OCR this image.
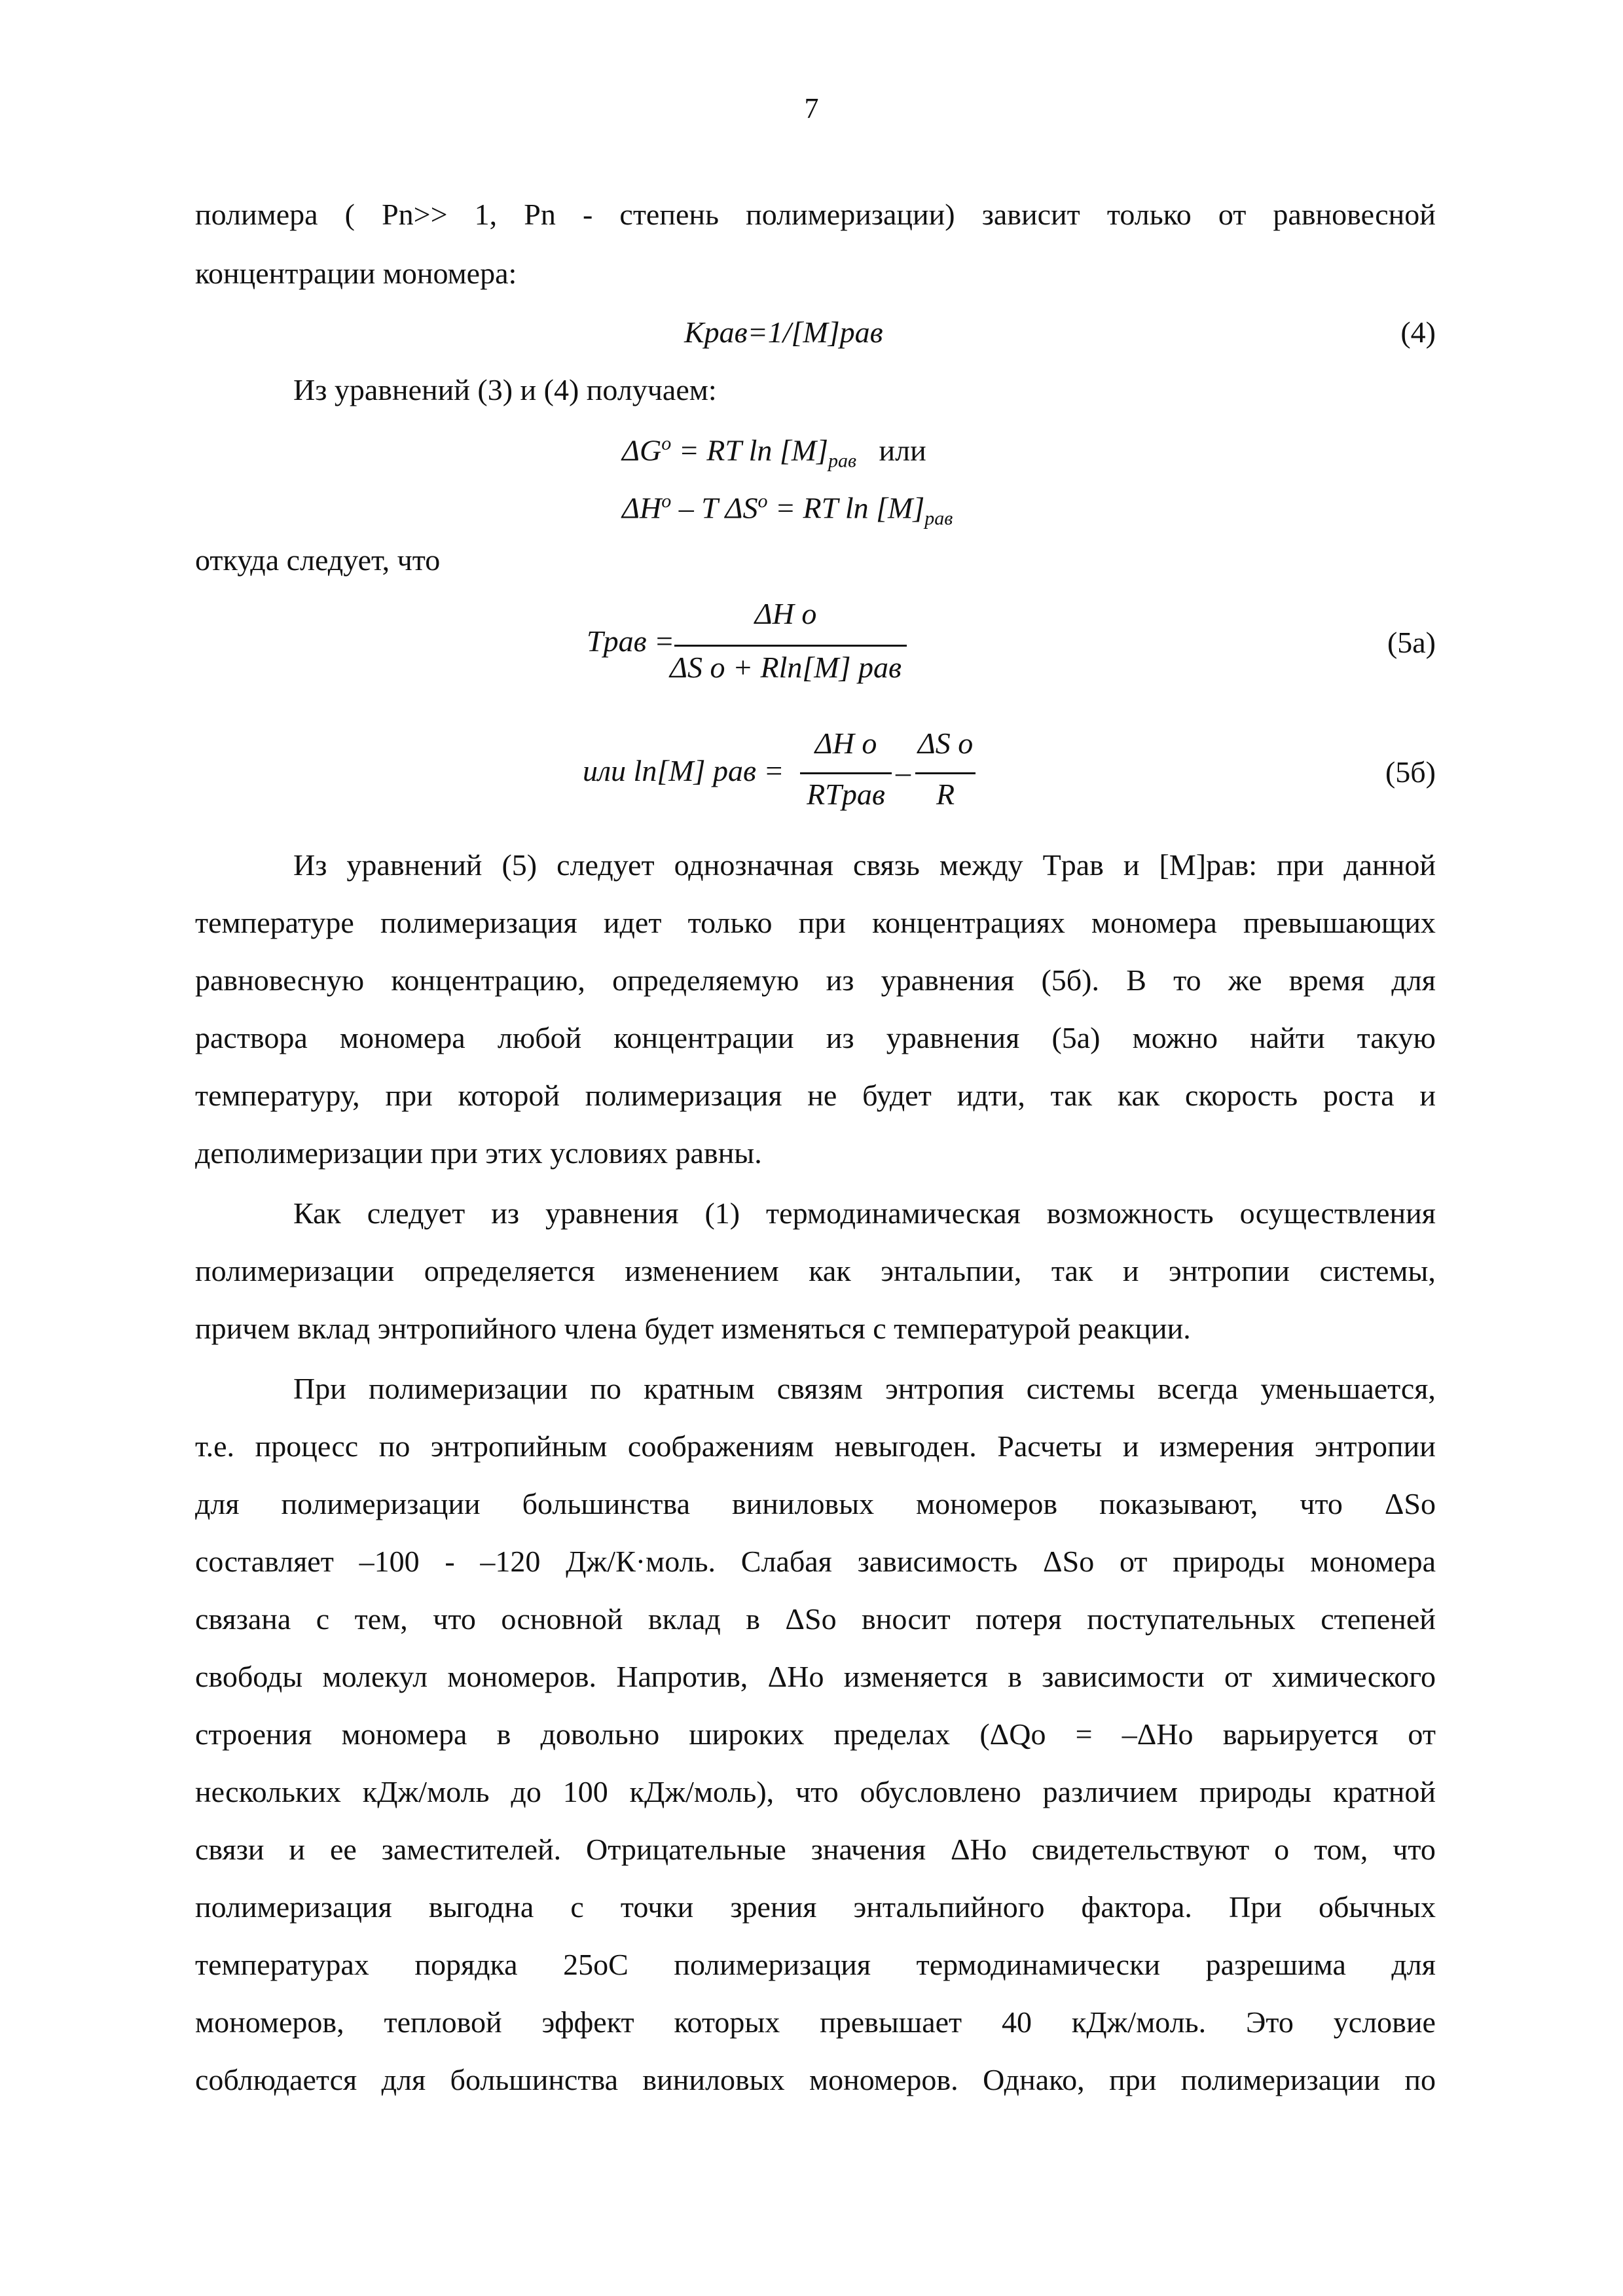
7
полимера ( Pn>> 1, Pn - степень полимеризации) зависит только от равновесной
концентрации мономера:
Kрав=1/[M]рав	(4)
Из уравнений (3) и (4) получаем:
$\Delta G^o$ = RT $\ln [M]_{рав}$ или
$\Delta H^o$ – T $\Delta S^o$ = RT $\ln [M]_{рав}$
откуда следует, что
Tрав =
ΔH o
ΔS o + Rln[M] рав
(5а)
или ln[M] рав =
ΔH o
RTрав
–
ΔS o
R
(5б)
Из уравнений (5) следует однозначная связь между Tрав и [M]рав: при данной
температуре полимеризация идет только при концентрациях мономера превышающих
равновесную концентрацию, определяемую из уравнения (5б). В то же время для
раствора мономера любой концентрации из уравнения (5а) можно найти такую
температуру, при которой полимеризация не будет идти, так как скорость роста и
деполимеризации при этих условиях равны.
Как следует из уравнения (1) термодинамическая возможность осуществления
полимеризации определяется изменением как энтальпии, так и энтропии системы,
причем вклад энтропийного члена будет изменяться с температурой реакции.
При полимеризации по кратным связям энтропия системы всегда уменьшается,
т.е. процесс по энтропийным соображениям невыгоден. Расчеты и измерения энтропии
для полимеризации большинства виниловых мономеров показывают, что ΔSo
составляет –100 - –120 Дж/К·моль. Слабая зависимость ΔSo от природы мономера
связана с тем, что основной вклад в ΔSo вносит потеря поступательных степеней
свободы молекул мономеров. Напротив, ΔHo изменяется в зависимости от химического
строения мономера в довольно широких пределах (ΔQo = –ΔHo варьируется от
нескольких кДж/моль до 100 кДж/моль), что обусловлено различием природы кратной
связи и ее заместителей. Отрицательные значения ΔHo свидетельствуют о том, что
полимеризация выгодна с точки зрения энтальпийного фактора. При обычных
температурах порядка 25oC полимеризация термодинамически разрешима для
мономеров, тепловой эффект которых превышает 40 кДж/моль. Это условие
соблюдается для большинства виниловых мономеров. Однако, при полимеризации по
